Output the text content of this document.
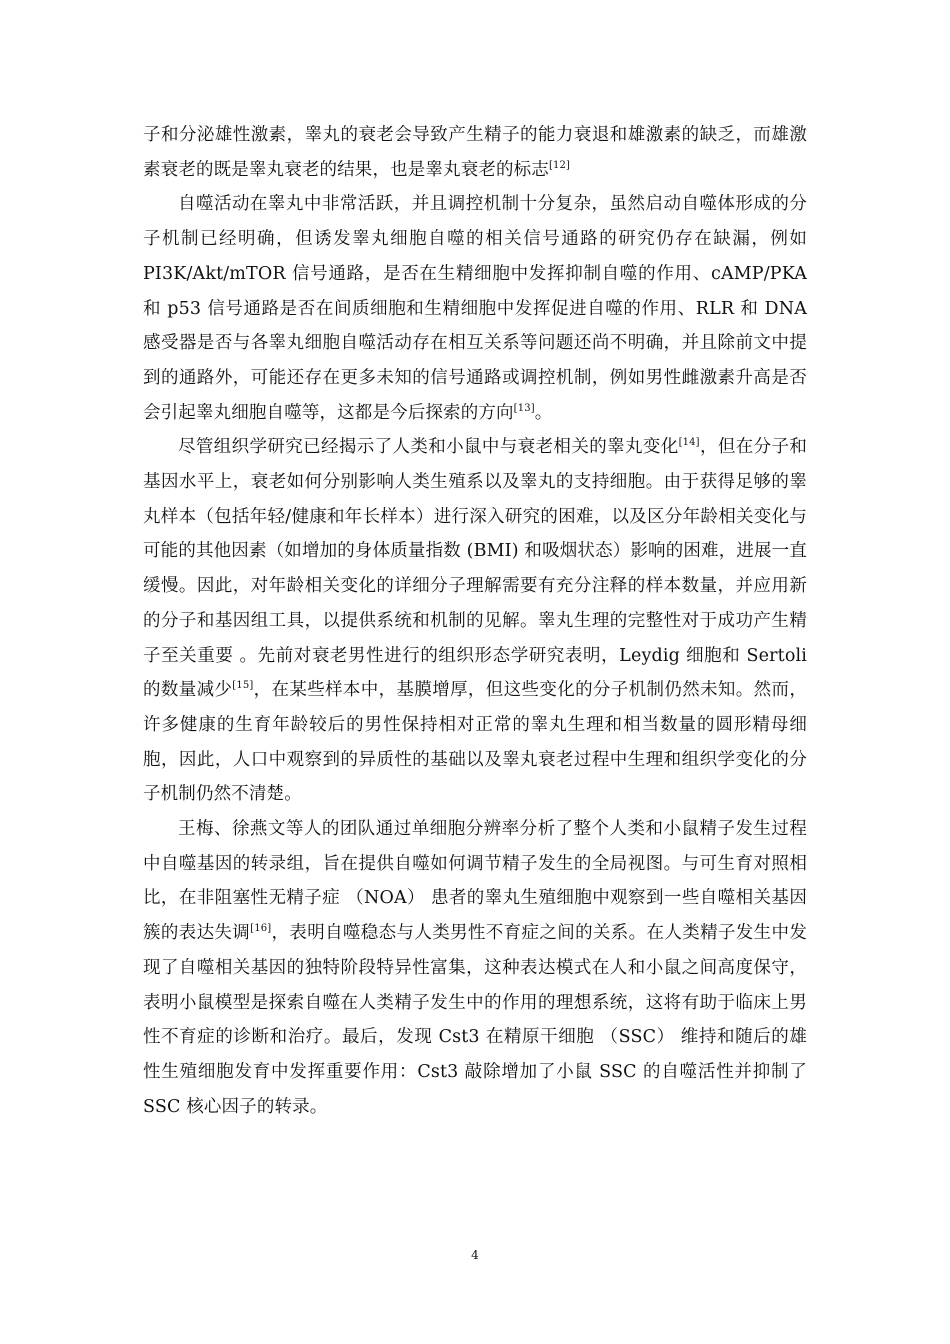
子和分泌雄性激素，睾丸的衰老会导致产生精子的能力衰退和雄激素的缺乏，而雄激素衰老的既是睾丸衰老的结果，也是睾丸衰老的标志[12]

自噬活动在睾丸中非常活跃，并且调控机制十分复杂，虽然启动自噬体形成的分子机制已经明确，但诱发睾丸细胞自噬的相关信号通路的研究仍存在缺漏，例如 PI3K/Akt/mTOR 信号通路，是否在生精细胞中发挥抑制自噬的作用、cAMP/PKA 和 p53 信号通路是否在间质细胞和生精细胞中发挥促进自噬的作用、RLR 和 DNA 感受器是否与各睾丸细胞自噬活动存在相互关系等问题还尚不明确，并且除前文中提到的通路外，可能还存在更多未知的信号通路或调控机制，例如男性雌激素升高是否会引起睾丸细胞自噬等，这都是今后探索的方向[13]。

尽管组织学研究已经揭示了人类和小鼠中与衰老相关的睾丸变化[14]，但在分子和基因水平上，衰老如何分别影响人类生殖系以及睾丸的支持细胞。由于获得足够的睾丸样本（包括年轻/健康和年长样本）进行深入研究的困难，以及区分年龄相关变化与可能的其他因素（如增加的身体质量指数 (BMI) 和吸烟状态）影响的困难，进展一直缓慢。因此，对年龄相关变化的详细分子理解需要有充分注释的样本数量，并应用新的分子和基因组工具，以提供系统和机制的见解。睾丸生理的完整性对于成功产生精子至关重要 。先前对衰老男性进行的组织形态学研究表明，Leydig 细胞和 Sertoli 的数量减少[15]，在某些样本中，基膜增厚，但这些变化的分子机制仍然未知。然而，许多健康的生育年龄较后的男性保持相对正常的睾丸生理和相当数量的圆形精母细胞，因此，人口中观察到的异质性的基础以及睾丸衰老过程中生理和组织学变化的分子机制仍然不清楚。

王梅、徐燕文等人的团队通过单细胞分辨率分析了整个人类和小鼠精子发生过程中自噬基因的转录组，旨在提供自噬如何调节精子发生的全局视图。与可生育对照相比，在非阻塞性无精子症 （NOA） 患者的睾丸生殖细胞中观察到一些自噬相关基因簇的表达失调[16]，表明自噬稳态与人类男性不育症之间的关系。在人类精子发生中发现了自噬相关基因的独特阶段特异性富集，这种表达模式在人和小鼠之间高度保守，表明小鼠模型是探索自噬在人类精子发生中的作用的理想系统，这将有助于临床上男性不育症的诊断和治疗。最后，发现 Cst3 在精原干细胞 （SSC） 维持和随后的雄性生殖细胞发育中发挥重要作用：Cst3 敲除增加了小鼠 SSC 的自噬活性并抑制了 SSC 核心因子的转录。

4
